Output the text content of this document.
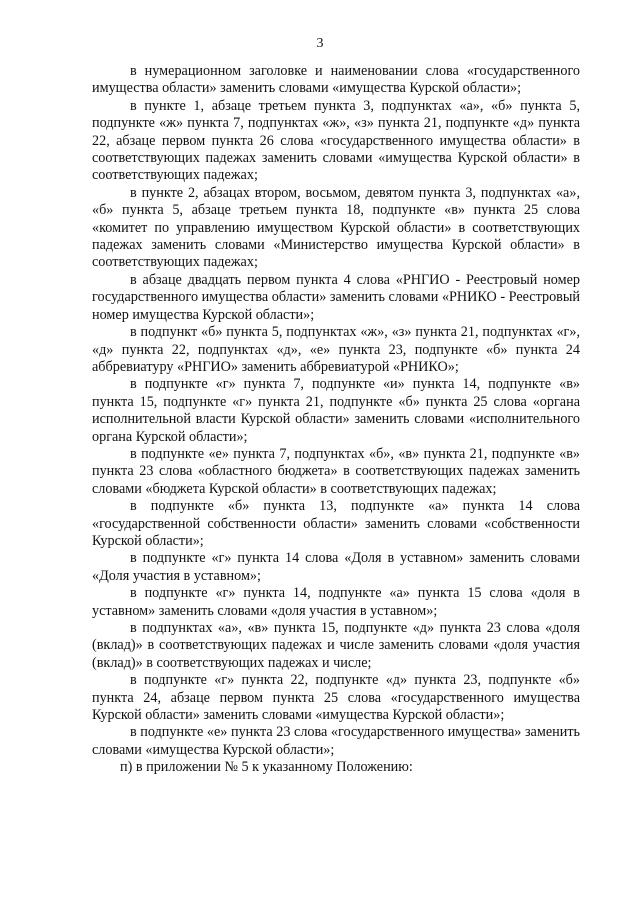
3

в нумерационном заголовке и наименовании слова «государственного имущества области» заменить словами «имущества Курской области»;

в пункте 1, абзаце третьем пункта 3, подпунктах «а», «б» пункта 5, подпункте «ж» пункта 7, подпунктах «ж», «з» пункта 21, подпункте «д» пункта 22, абзаце первом пункта 26 слова «государственного имущества области» в соответствующих падежах заменить словами «имущества Курской области» в соответствующих падежах;

в пункте 2, абзацах втором, восьмом, девятом пункта 3, подпунктах «а», «б» пункта 5, абзаце третьем пункта 18, подпункте «в» пункта 25 слова «комитет по управлению имуществом Курской области» в соответствующих падежах заменить словами «Министерство имущества Курской области» в соответствующих падежах;

в абзаце двадцать первом пункта 4 слова «РНГИО - Реестровый номер государственного имущества области» заменить словами «РНИКО - Реестровый номер имущества Курской области»;

в подпункт «б» пункта 5, подпунктах «ж», «з» пункта 21, подпунктах «г», «д» пункта 22, подпунктах «д», «е» пункта 23, подпункте «б» пункта 24 аббревиатуру «РНГИО» заменить аббревиатурой «РНИКО»;

в подпункте «г» пункта 7, подпункте «и» пункта 14, подпункте «в» пункта 15, подпункте «г» пункта 21, подпункте «б» пункта 25 слова «органа исполнительной власти Курской области» заменить словами «исполнительного органа Курской области»;

в подпункте «е» пункта 7, подпунктах «б», «в» пункта 21, подпункте «в» пункта 23 слова «областного бюджета» в соответствующих падежах заменить словами «бюджета Курской области» в соответствующих падежах;

в подпункте «б» пункта 13, подпункте «а» пункта 14 слова «государственной собственности области» заменить словами «собственности Курской области»;

в подпункте «г» пункта 14 слова «Доля в уставном» заменить словами «Доля участия в уставном»;

в подпункте «г» пункта 14, подпункте «а» пункта 15 слова «доля в уставном» заменить словами «доля участия в уставном»;

в подпунктах «а», «в» пункта 15, подпункте «д» пункта 23 слова «доля (вклад)» в соответствующих падежах и числе заменить словами «доля участия (вклад)» в соответствующих падежах и числе;

в подпункте «г» пункта 22, подпункте «д» пункта 23, подпункте «б» пункта 24, абзаце первом пункта 25 слова «государственного имущества Курской области» заменить словами «имущества Курской области»;

в подпункте «е» пункта 23 слова «государственного имущества» заменить словами «имущества Курской области»;

п) в приложении № 5 к указанному Положению:
